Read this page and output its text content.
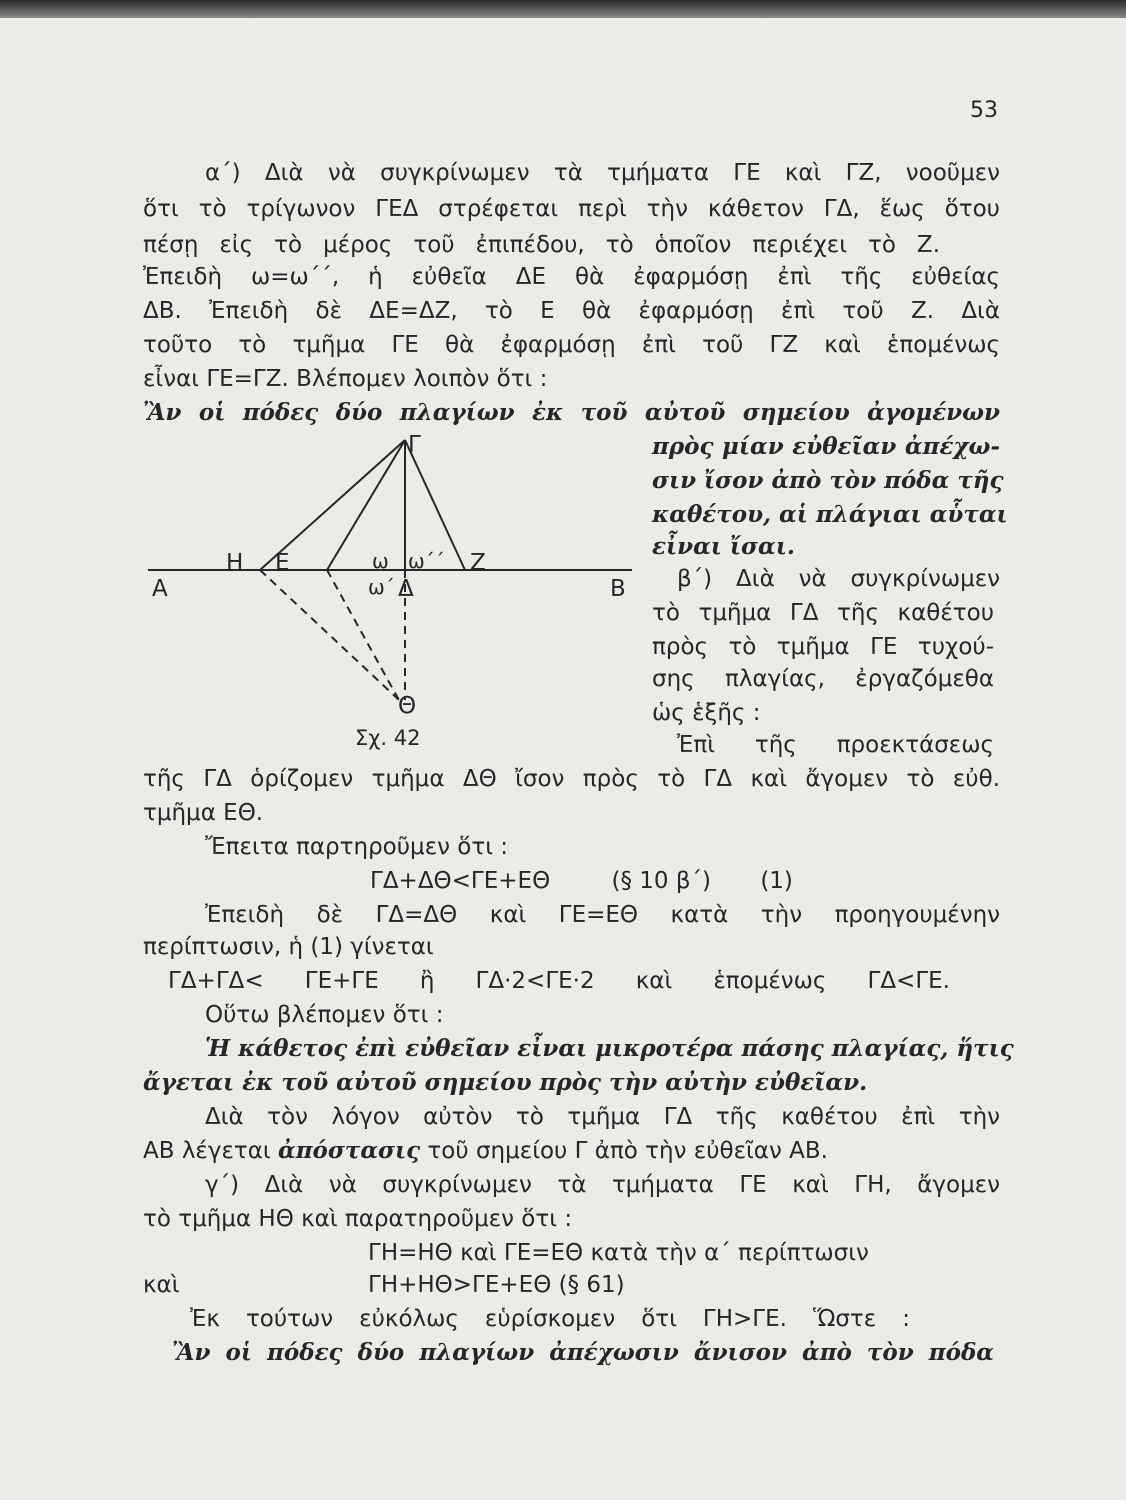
53
α΄) Διὰ νὰ συγκρίνωμεν τὰ τμήματα ΓΕ καὶ ΓΖ, νοοῦμεν
ὅτι τὸ τρίγωνον ΓΕΔ στρέφεται περὶ τὴν κάθετον ΓΔ, ἕως ὅτου
πέσῃ εἰς τὸ μέρος τοῦ ἐπιπέδου, τὸ ὁποῖον περιέχει τὸ Ζ.
Ἐπειδὴ ω=ω΄΄, ἡ εὐθεῖα ΔΕ θὰ ἐφαρμόσῃ ἐπὶ τῆς εὐθείας
ΔΒ. Ἐπειδὴ δὲ ΔΕ=ΔΖ, τὸ Ε θὰ ἐφαρμόσῃ ἐπὶ τοῦ Ζ. Διὰ
τοῦτο τὸ τμῆμα ΓΕ θὰ ἐφαρμόσῃ ἐπὶ τοῦ ΓΖ καὶ ἑπομένως
εἶναι ΓΕ=ΓΖ. Βλέπομεν λοιπὸν ὅτι :
Ἂν οἱ πόδες δύο πλαγίων ἐκ τοῦ αὐτοῦ σημείου ἀγομένων
πρὸς μίαν εὐθεῖαν ἀπέχω-
σιν ἴσον ἀπὸ τὸν πόδα τῆς
καθέτου, αἱ πλάγιαι αὗται
εἶναι ἴσαι.
β΄) Διὰ νὰ συγκρίνωμεν
τὸ τμῆμα ΓΔ τῆς καθέτου
πρὸς τὸ τμῆμα ΓΕ τυχού-
σης πλαγίας, ἐργαζόμεθα
ὡς ἑξῆς :
Ἐπὶ τῆς προεκτάσεως
Γ
Η Ε	Ζ
Α	Β
Δ
Θ
ω ω΄΄
ω΄
Σχ. 42
τῆς ΓΔ ὁρίζομεν τμῆμα ΔΘ ἴσον πρὸς τὸ ΓΔ καὶ ἄγομεν τὸ εὐθ.
τμῆμα ΕΘ.
Ἔπειτα παρτηροῦμεν ὅτι :
ΓΔ+ΔΘ<ΓΕ+ΕΘ	(§ 10 β΄) (1)
Ἐπειδὴ δὲ ΓΔ=ΔΘ καὶ ΓΕ=ΕΘ κατὰ τὴν προηγουμένην
περίπτωσιν, ἡ (1) γίνεται
ΓΔ+ΓΔ< ΓΕ+ΓΕ ἢ ΓΔ·2<ΓΕ·2 καὶ ἑπομένως ΓΔ<ΓΕ.
Οὕτω βλέπομεν ὅτι :
Ἡ κάθετος ἐπὶ εὐθεῖαν εἶναι μικροτέρα πάσης πλαγίας, ἥτις
ἄγεται ἐκ τοῦ αὐτοῦ σημείου πρὸς τὴν αὐτὴν εὐθεῖαν.
Διὰ τὸν λόγον αὐτὸν τὸ τμῆμα ΓΔ τῆς καθέτου ἐπὶ τὴν
ΑΒ λέγεται ἀπόστασις τοῦ σημείου Γ ἀπὸ τὴν εὐθεῖαν ΑΒ.
γ΄) Διὰ νὰ συγκρίνωμεν τὰ τμήματα ΓΕ καὶ ΓΗ, ἄγομεν
τὸ τμῆμα ΗΘ καὶ παρατηροῦμεν ὅτι :
ΓΗ=ΗΘ καὶ ΓΕ=ΕΘ κατὰ τὴν α΄ περίπτωσιν
καὶ	ΓΗ+ΗΘ>ΓΕ+ΕΘ (§ 61)
Ἐκ τούτων εὐκόλως εὑρίσκομεν ὅτι ΓΗ>ΓΕ. Ὥστε :
Ἂν οἱ πόδες δύο πλαγίων ἀπέχωσιν ἄνισον ἀπὸ τὸν πόδα
